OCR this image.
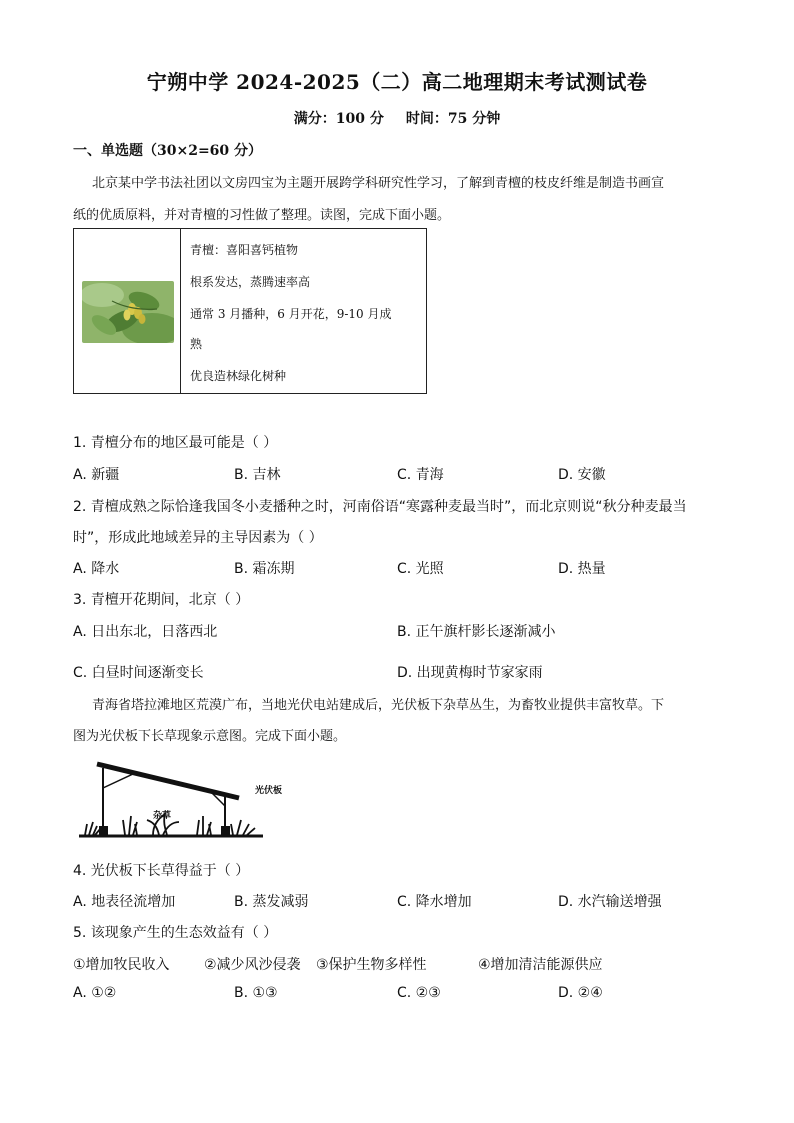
宁朔中学 2024-2025（二）高二地理期末考试测试卷
满分：100 分 时间：75 分钟
一、单选题（30×2=60 分）
北京某中学书法社团以文房四宝为主题开展跨学科研究性学习，了解到青檀的枝皮纤维是制造书画宣
纸的优质原料，并对青檀的习性做了整理。读图，完成下面小题。
青檀：喜阳喜钙植物
根系发达，蒸腾速率高
通常 3 月播种，6 月开花，9-10 月成
熟
优良造林绿化树种
1. 青檀分布的地区最可能是（ ）
A. 新疆	B. 吉林	C. 青海	D. 安徽
2. 青檀成熟之际恰逢我国冬小麦播种之时，河南俗语“寒露种麦最当时”，而北京则说“秋分种麦最当
时”，形成此地域差异的主导因素为（ ）
A. 降水	B. 霜冻期	C. 光照	D. 热量
3. 青檀开花期间，北京（ ）
A. 日出东北，日落西北	B. 正午旗杆影长逐渐减小
C. 白昼时间逐渐变长	D. 出现黄梅时节家家雨
青海省塔拉滩地区荒漠广布，当地光伏电站建成后，光伏板下杂草丛生，为畜牧业提供丰富牧草。下
图为光伏板下长草现象示意图。完成下面小题。
光伏板
杂草
4. 光伏板下长草得益于（ ）
A. 地表径流增加	B. 蒸发减弱	C. 降水增加	D. 水汽输送增强
5. 该现象产生的生态效益有（ ）
①增加牧民收入 ②减少风沙侵袭 ③保护生物多样性	④增加清洁能源供应
A. ①②	B. ①③	C. ②③	D. ②④
